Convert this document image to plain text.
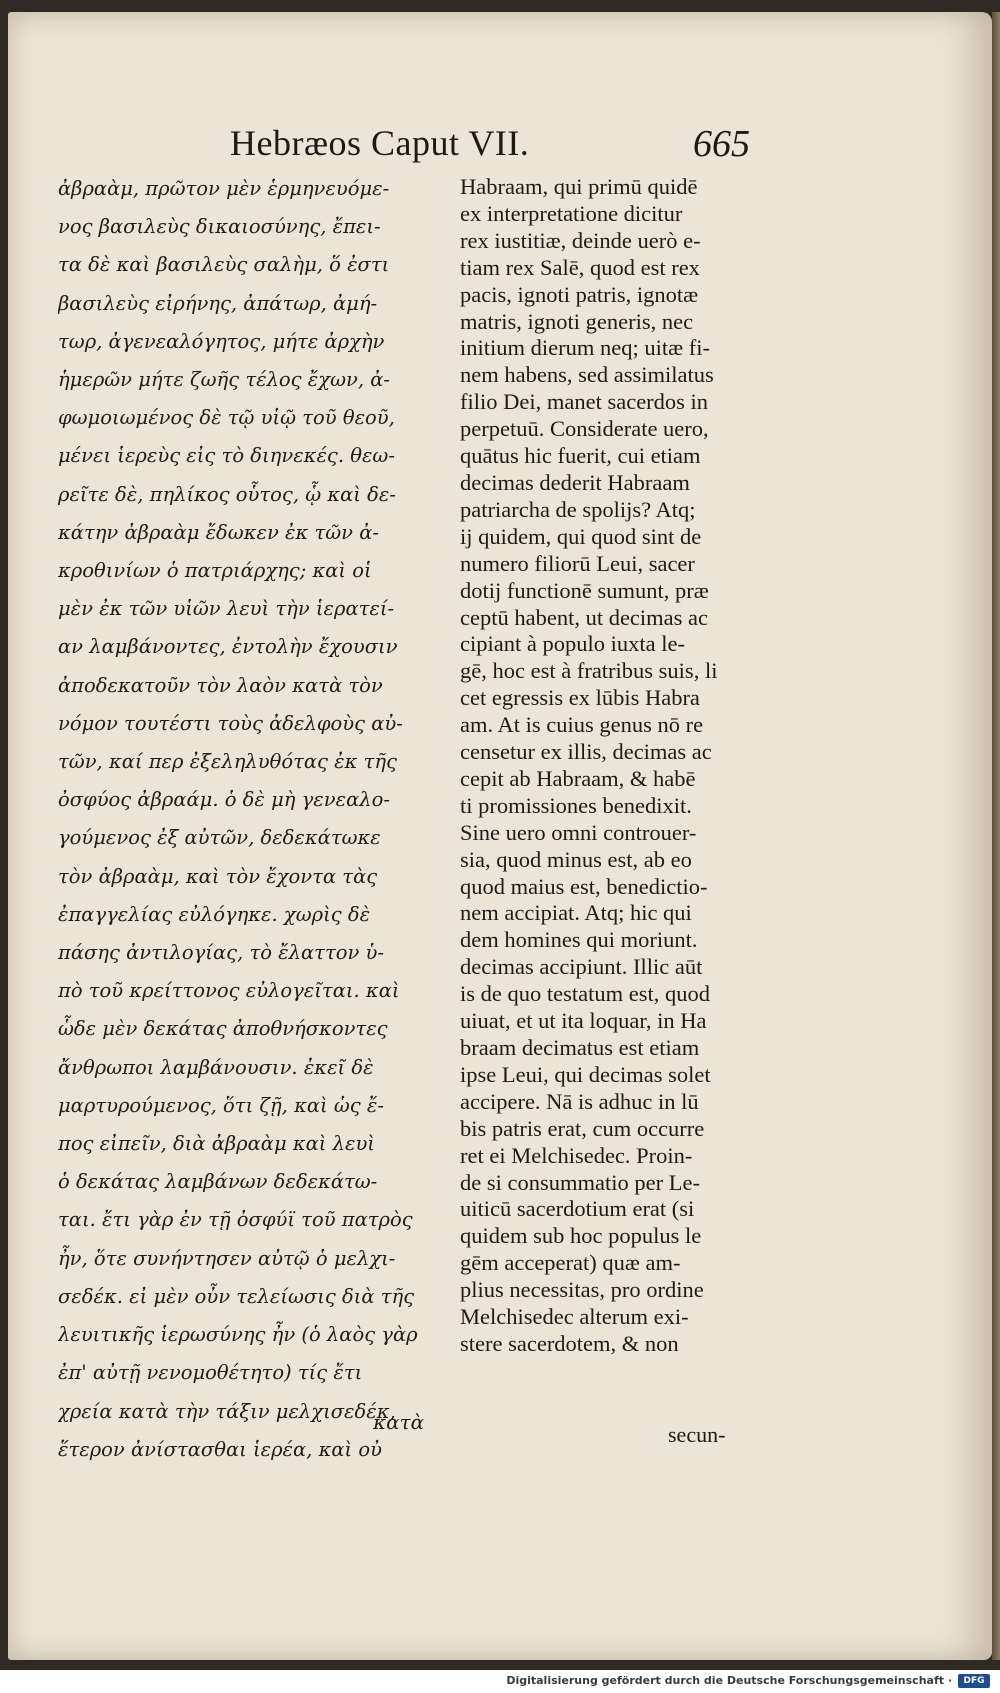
Hebræos Caput VII.	665
ἀβραὰμ, πρῶτον μὲν ἑρμηνευόμε-
νος βασιλεὺς δικαιοσύνης, ἔπει-
τα δὲ καὶ βασιλεὺς σαλὴμ, ὅ ἐστι
βασιλεὺς εἰρήνης, ἀπάτωρ, ἀμή-
τωρ, ἀγενεαλόγητος, μήτε ἀρχὴν
ἡμερῶν μήτε ζωῆς τέλος ἔχων, ἀ-
φωμοιωμένος δὲ τῷ υἱῷ τοῦ θεοῦ,
μένει ἱερεὺς εἰς τὸ διηνεκές. θεω-
ρεῖτε δὲ, πηλίκος οὗτος, ᾧ καὶ δε-
κάτην ἀβραὰμ ἔδωκεν ἐκ τῶν ἀ-
κροθινίων ὁ πατριάρχης; καὶ οἱ
μὲν ἐκ τῶν υἱῶν λευὶ τὴν ἱερατεί-
αν λαμβάνοντες, ἐντολὴν ἔχουσιν
ἀποδεκατοῦν τὸν λαὸν κατὰ τὸν
νόμον τουτέστι τοὺς ἀδελφοὺς αὐ-
τῶν, καί περ ἐξεληλυθότας ἐκ τῆς
ὀσφύος ἀβραάμ. ὁ δὲ μὴ γενεαλο-
γούμενος ἐξ αὐτῶν, δεδεκάτωκε
τὸν ἀβραὰμ, καὶ τὸν ἔχοντα τὰς
ἐπαγγελίας εὐλόγηκε. χωρὶς δὲ
πάσης ἀντιλογίας, τὸ ἔλαττον ὑ-
πὸ τοῦ κρείττονος εὐλογεῖται. καὶ
ὧδε μὲν δεκάτας ἀποθνήσκοντες
ἄνθρωποι λαμβάνουσιν. ἐκεῖ δὲ
μαρτυρούμενος, ὅτι ζῇ, καὶ ὡς ἔ-
πος εἰπεῖν, διὰ ἀβραὰμ καὶ λευὶ
ὁ δεκάτας λαμβάνων δεδεκάτω-
ται. ἔτι γὰρ ἐν τῇ ὀσφύϊ τοῦ πατρὸς
ἦν, ὅτε συνήντησεν αὐτῷ ὁ μελχι-
σεδέκ. εἰ μὲν οὖν τελείωσις διὰ τῆς
λευιτικῆς ἱερωσύνης ἦν (ὁ λαὸς γὰρ
ἐπ' αὐτῇ νενομοθέτητο) τίς ἔτι
χρεία κατὰ τὴν τάξιν μελχισεδέκ,
ἕτερον ἀνίστασθαι ἱερέα, καὶ οὐ
Habraam, qui primū quidē
ex interpretatione dicitur
rex iustitiæ, deinde uerò e-
tiam rex Salē, quod est rex
pacis, ignoti patris, ignotæ
matris, ignoti generis, nec
initium dierum neq; uitæ fi-
nem habens, sed assimilatus
filio Dei, manet sacerdos in
perpetuū. Considerate uero,
quātus hic fuerit, cui etiam
decimas dederit Habraam
patriarcha de spolijs? Atq;
ij quidem, qui quod sint de
numero filiorū Leui, sacer
dotij functionē sumunt, præ
ceptū habent, ut decimas ac
cipiant à populo iuxta le-
gē, hoc est à fratribus suis, li
cet egressis ex lūbis Habra
am. At is cuius genus nō re
censetur ex illis, decimas ac
cepit ab Habraam, & habē
ti promissiones benedixit.
Sine uero omni controuer-
sia, quod minus est, ab eo
quod maius est, benedictio-
nem accipiat. Atq; hic qui
dem homines qui moriunt.
decimas accipiunt. Illic aūt
is de quo testatum est, quod
uiuat, et ut ita loquar, in Ha
braam decimatus est etiam
ipse Leui, qui decimas solet
accipere. Nā is adhuc in lū
bis patris erat, cum occurre
ret ei Melchisedec. Proin-
de si consummatio per Le-
uiticū sacerdotium erat (si
quidem sub hoc populus le
gēm acceperat) quæ am-
plius necessitas, pro ordine
Melchisedec alterum exi-
stere sacerdotem, & non
κατὰ	secun-
Digitalisierung gefördert durch die Deutsche Forschungsgemeinschaft ·	DFG
